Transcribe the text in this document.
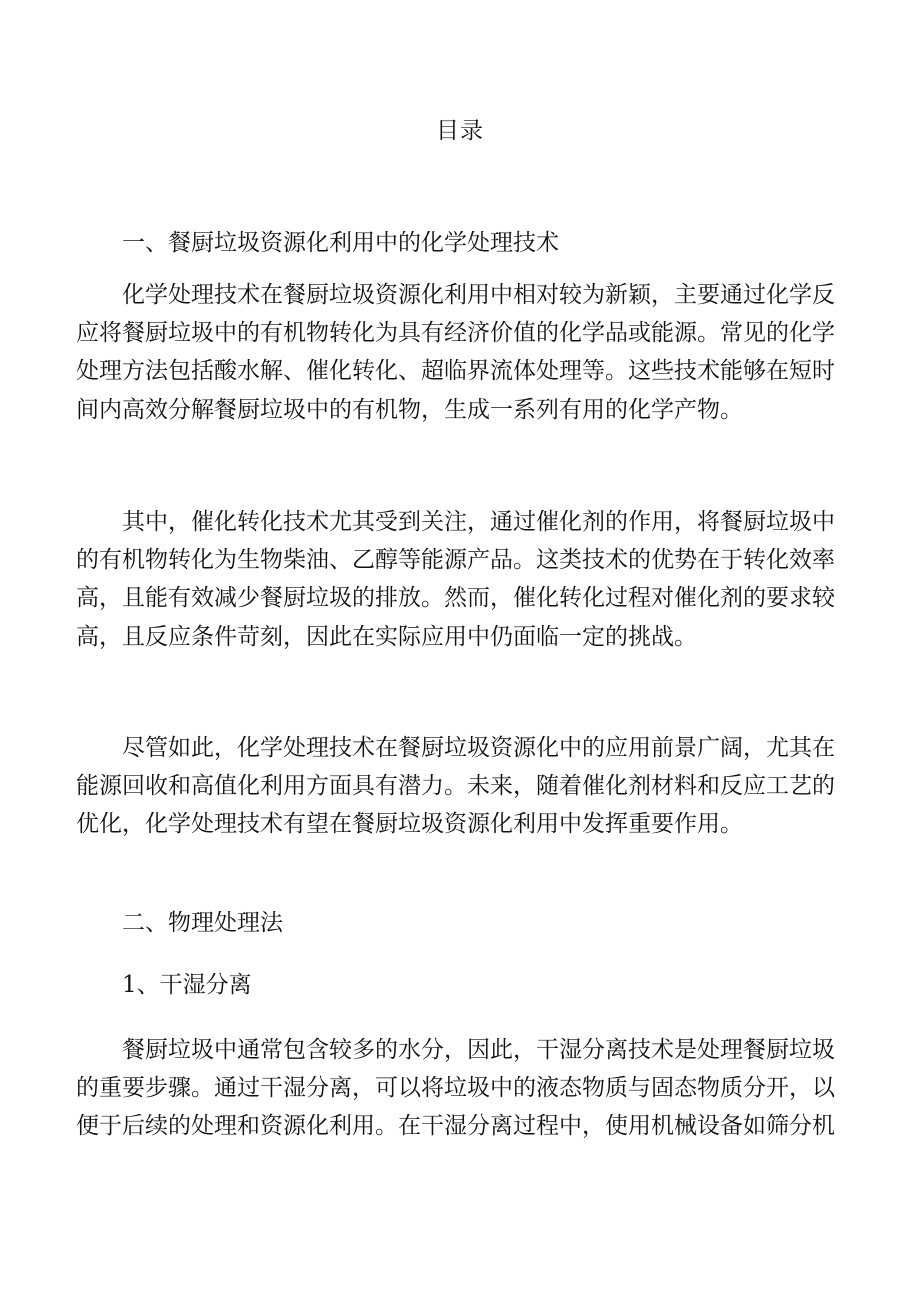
目录
一、餐厨垃圾资源化利用中的化学处理技术
化学处理技术在餐厨垃圾资源化利用中相对较为新颖，主要通过化学反
应将餐厨垃圾中的有机物转化为具有经济价值的化学品或能源。常见的化学
处理方法包括酸水解、催化转化、超临界流体处理等。这些技术能够在短时
间内高效分解餐厨垃圾中的有机物，生成一系列有用的化学产物。
其中，催化转化技术尤其受到关注，通过催化剂的作用，将餐厨垃圾中
的有机物转化为生物柴油、乙醇等能源产品。这类技术的优势在于转化效率
高，且能有效减少餐厨垃圾的排放。然而，催化转化过程对催化剂的要求较
高，且反应条件苛刻，因此在实际应用中仍面临一定的挑战。
尽管如此，化学处理技术在餐厨垃圾资源化中的应用前景广阔，尤其在
能源回收和高值化利用方面具有潜力。未来，随着催化剂材料和反应工艺的
优化，化学处理技术有望在餐厨垃圾资源化利用中发挥重要作用。
二、物理处理法
1、干湿分离
餐厨垃圾中通常包含较多的水分，因此，干湿分离技术是处理餐厨垃圾
的重要步骤。通过干湿分离，可以将垃圾中的液态物质与固态物质分开，以
便于后续的处理和资源化利用。在干湿分离过程中，使用机械设备如筛分机
